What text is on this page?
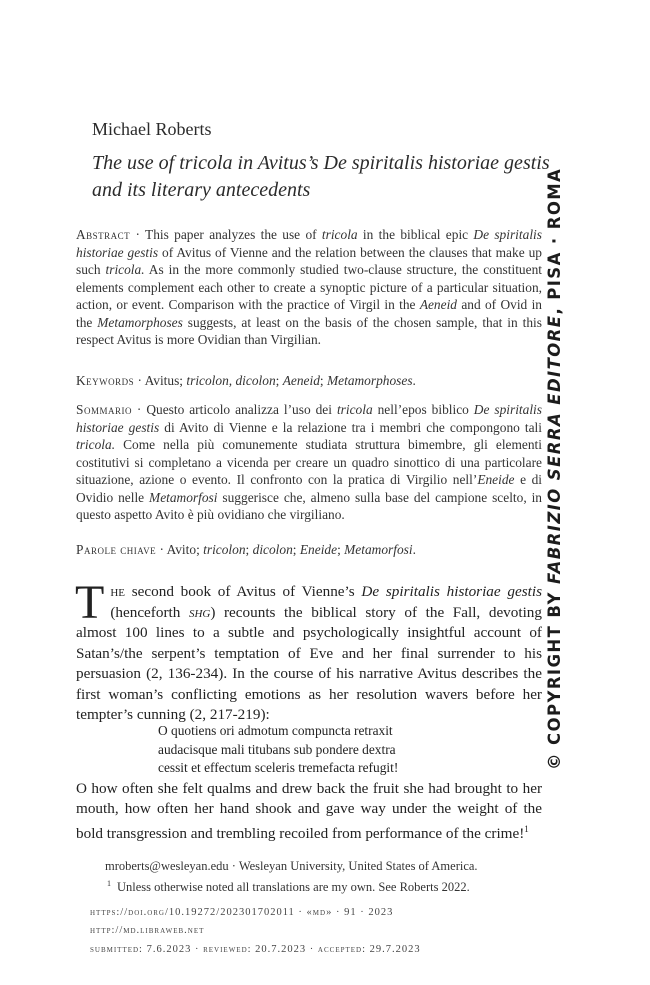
Michael Roberts
The use of tricola in Avitus’s De spiritalis historiae gestis
and its literary antecedents
Abstract · This paper analyzes the use of tricola in the biblical epic De spiritalis historiae gestis of Avitus of Vienne and the relation between the clauses that make up such tricola. As in the more commonly studied two-clause structure, the constituent elements complement each other to create a synoptic picture of a particular situation, action, or event. Comparison with the practice of Virgil in the Aeneid and of Ovid in the Metamorphoses suggests, at least on the basis of the chosen sample, that in this respect Avitus is more Ovidian than Virgilian.
Keywords · Avitus; tricolon, dicolon; Aeneid; Metamorphoses.
Sommario · Questo articolo analizza l’uso dei tricola nell’epos biblico De spiritalis historiae gestis di Avito di Vienne e la relazione tra i membri che compongono tali tricola. Come nella più comunemente studiata struttura bimembre, gli elementi costitutivi si completano a vicenda per creare un quadro sinottico di una particolare situazione, azione o evento. Il confronto con la pratica di Virgilio nell’Eneide e di Ovidio nelle Metamorfosi suggerisce che, almeno sulla base del campione scelto, in questo aspetto Avito è più ovidiano che virgiliano.
Parole chiave · Avito; tricolon; dicolon; Eneide; Metamorfosi.
The second book of Avitus of Vienne’s De spiritalis historiae gestis (henceforth shg) recounts the biblical story of the Fall, devoting almost 100 lines to a subtle and psychologically insightful account of Satan’s/the serpent’s temptation of Eve and her final surrender to his persuasion (2, 136-234). In the course of his narrative Avitus describes the first woman’s conflicting emotions as her resolution wavers before her tempter’s cunning (2, 217-219):
O quotiens ori admotum compuncta retraxit
audacisque mali titubans sub pondere dextra
cessit et effectum sceleris tremefacta refugit!
O how often she felt qualms and drew back the fruit she had brought to her mouth, how often her hand shook and gave way under the weight of the bold transgression and trembling recoiled from performance of the crime!$^1$
mroberts@wesleyan.edu · Wesleyan University, United States of America.
$^1$ Unless otherwise noted all translations are my own. See Roberts 2022.
https://doi.org/10.19272/202301702011 · «md» · 91 · 2023
http://md.libraweb.net
submitted: 7.6.2023 · reviewed: 20.7.2023 · accepted: 29.7.2023
© COPYRIGHT BY FABRIZIO SERRA EDITORE, PISA · ROMA
